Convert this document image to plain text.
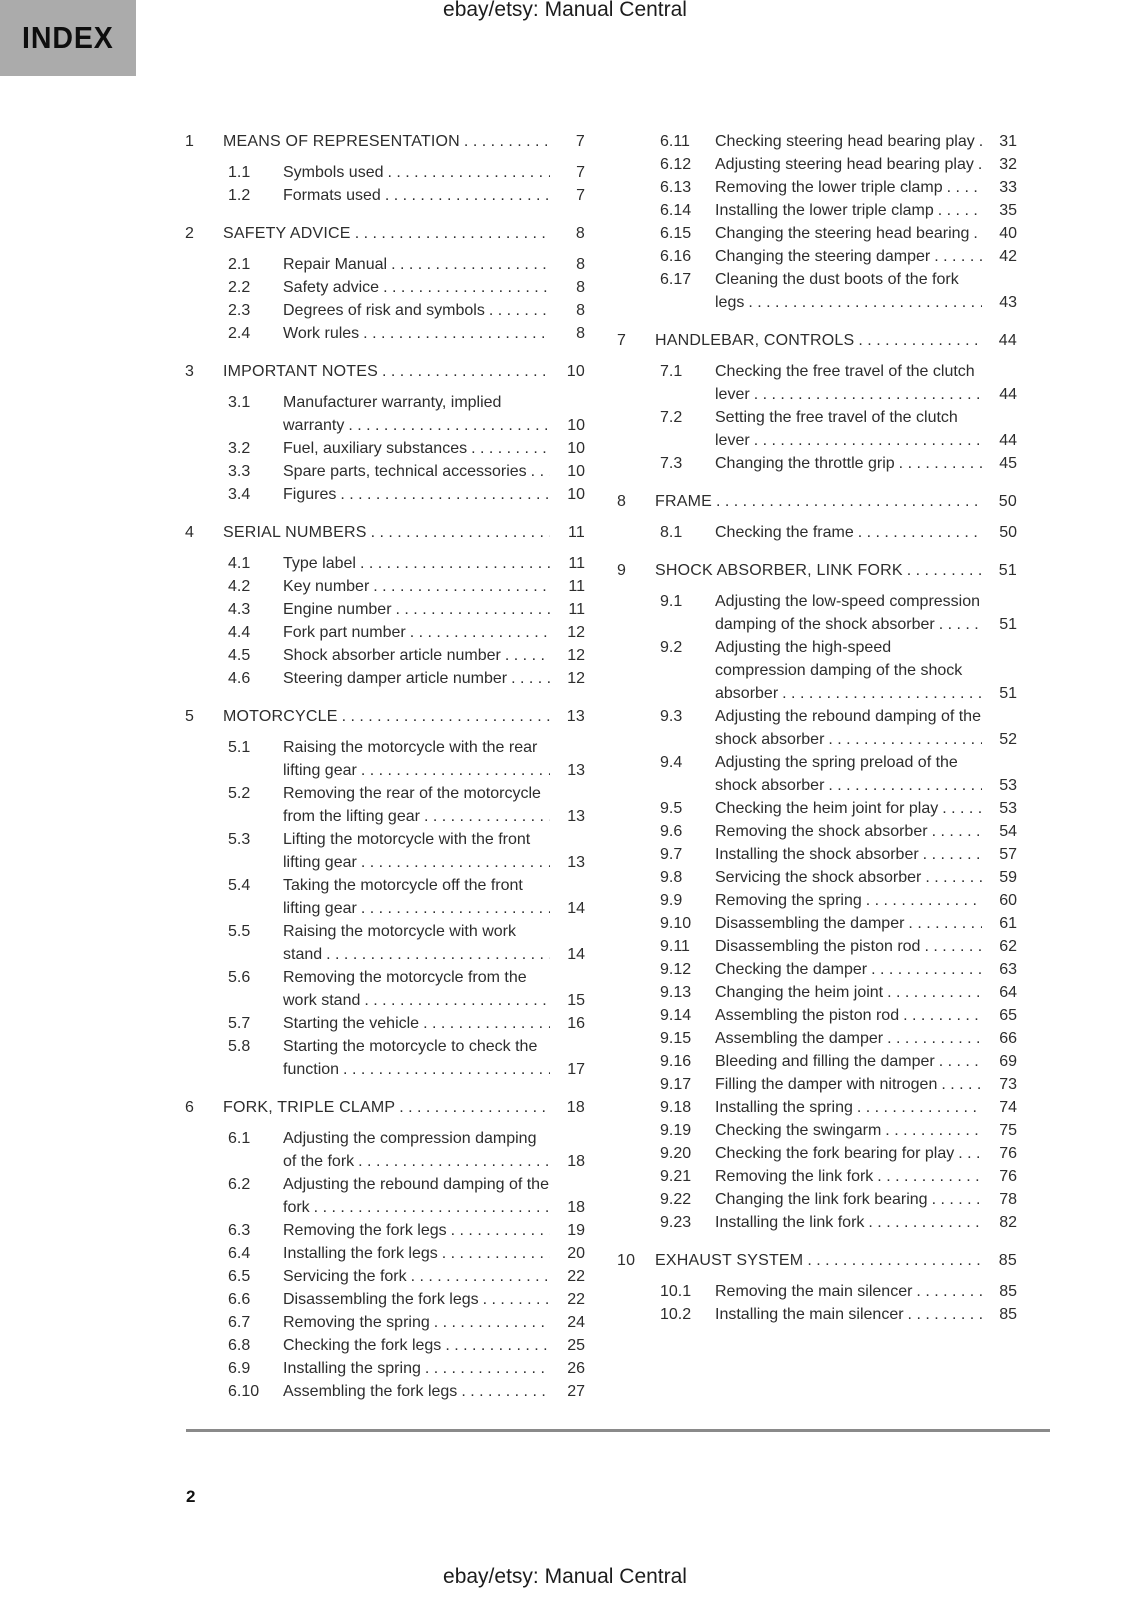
ebay/etsy: Manual Central
INDEX
1	MEANS OF REPRESENTATION . . .	7
1.1	Symbols used . . .	7
1.2	Formats used . . .	7
2	SAFETY ADVICE . . .	8
2.1	Repair Manual . . .	8
2.2	Safety advice . . .	8
2.3	Degrees of risk and symbols . . .	8
2.4	Work rules . . .	8
3	IMPORTANT NOTES . . .	10
3.1	Manufacturer warranty, implied warranty . . .	10
3.2	Fuel, auxiliary substances . . .	10
3.3	Spare parts, technical accessories . . .	10
3.4	Figures . . .	10
4	SERIAL NUMBERS . . .	11
4.1	Type label . . .	11
4.2	Key number . . .	11
4.3	Engine number . . .	11
4.4	Fork part number . . .	12
4.5	Shock absorber article number . . .	12
4.6	Steering damper article number . . .	12
5	MOTORCYCLE . . .	13
5.1	Raising the motorcycle with the rear lifting gear . . .	13
5.2	Removing the rear of the motorcycle from the lifting gear . . .	13
5.3	Lifting the motorcycle with the front lifting gear . . .	13
5.4	Taking the motorcycle off the front lifting gear . . .	14
5.5	Raising the motorcycle with work stand . . .	14
5.6	Removing the motorcycle from the work stand . . .	15
5.7	Starting the vehicle . . .	16
5.8	Starting the motorcycle to check the function . . .	17
6	FORK, TRIPLE CLAMP . . .	18
6.1	Adjusting the compression damping of the fork . . .	18
6.2	Adjusting the rebound damping of the fork . . .	18
6.3	Removing the fork legs . . .	19
6.4	Installing the fork legs . . .	20
6.5	Servicing the fork . . .	22
6.6	Disassembling the fork legs . . .	22
6.7	Removing the spring . . .	24
6.8	Checking the fork legs . . .	25
6.9	Installing the spring . . .	26
6.10	Assembling the fork legs . . .	27
6.11	Checking steering head bearing play . . .	31
6.12	Adjusting steering head bearing play . . .	32
6.13	Removing the lower triple clamp . . .	33
6.14	Installing the lower triple clamp . . .	35
6.15	Changing the steering head bearing . . .	40
6.16	Changing the steering damper . . .	42
6.17	Cleaning the dust boots of the fork legs . . .	43
7	HANDLEBAR, CONTROLS . . .	44
7.1	Checking the free travel of the clutch lever . . .	44
7.2	Setting the free travel of the clutch lever . . .	44
7.3	Changing the throttle grip . . .	45
8	FRAME . . .	50
8.1	Checking the frame . . .	50
9	SHOCK ABSORBER, LINK FORK . . .	51
9.1	Adjusting the low-speed compression damping of the shock absorber . . .	51
9.2	Adjusting the high-speed compression damping of the shock absorber . . .	51
9.3	Adjusting the rebound damping of the shock absorber . . .	52
9.4	Adjusting the spring preload of the shock absorber . . .	53
9.5	Checking the heim joint for play . . .	53
9.6	Removing the shock absorber . . .	54
9.7	Installing the shock absorber . . .	57
9.8	Servicing the shock absorber . . .	59
9.9	Removing the spring . . .	60
9.10	Disassembling the damper . . .	61
9.11	Disassembling the piston rod . . .	62
9.12	Checking the damper . . .	63
9.13	Changing the heim joint . . .	64
9.14	Assembling the piston rod . . .	65
9.15	Assembling the damper . . .	66
9.16	Bleeding and filling the damper . . .	69
9.17	Filling the damper with nitrogen . . .	73
9.18	Installing the spring . . .	74
9.19	Checking the swingarm . . .	75
9.20	Checking the fork bearing for play . . .	76
9.21	Removing the link fork . . .	76
9.22	Changing the link fork bearing . . .	78
9.23	Installing the link fork . . .	82
10	EXHAUST SYSTEM . . .	85
10.1	Removing the main silencer . . .	85
10.2	Installing the main silencer . . .	85
2
ebay/etsy: Manual Central
